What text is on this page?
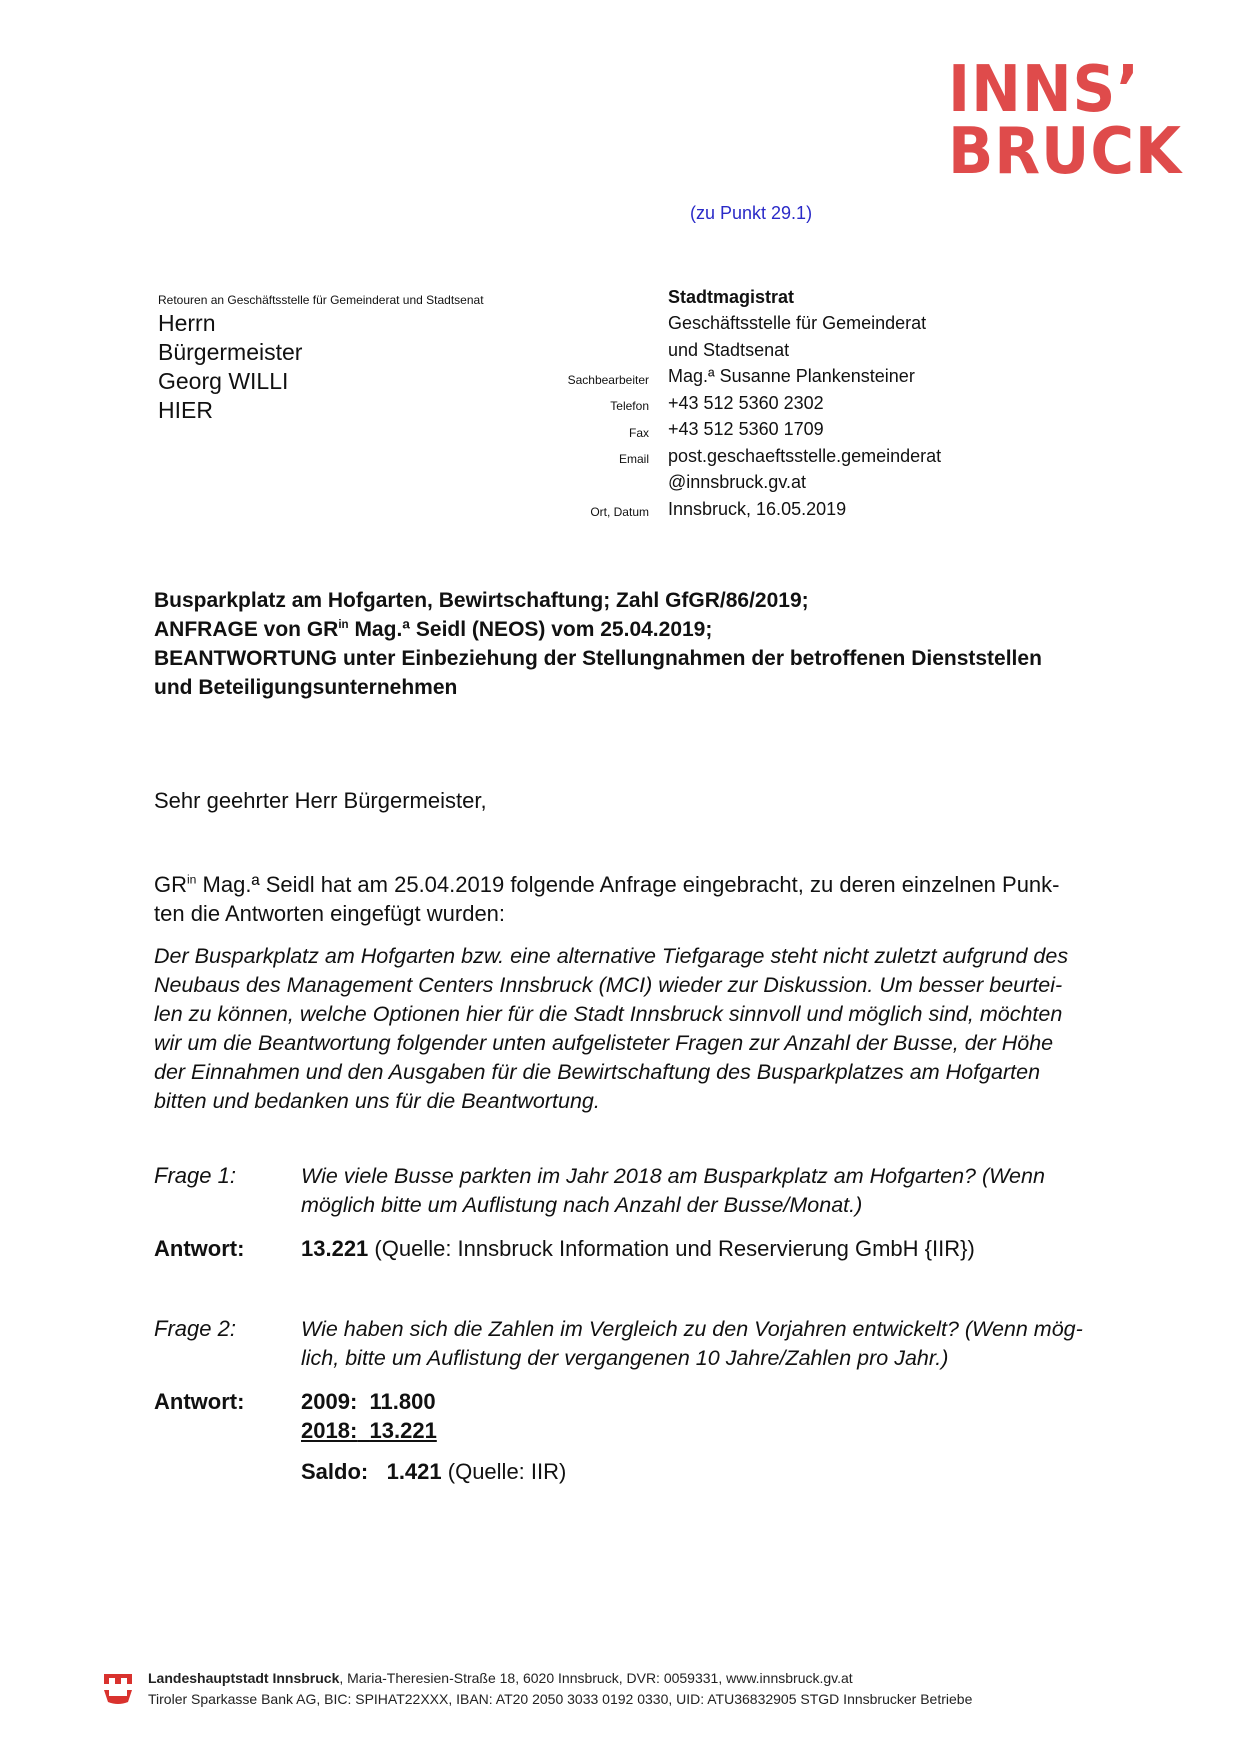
INNS’
BRUCK
(zu Punkt 29.1)
Retouren an Geschäftsstelle für Gemeinderat und Stadtsenat
Herrn
Bürgermeister
Georg WILLI
HIER
	Stadtmagistrat
	Geschäftsstelle für Gemeinderat
	und Stadtsenat
Sachbearbeiter	Mag.ª Susanne Plankensteiner
Telefon	+43 512 5360 2302
Fax	+43 512 5360 1709
Email	post.geschaeftsstelle.gemeinderat
	@innsbruck.gv.at
Ort, Datum	Innsbruck, 16.05.2019
Busparkplatz am Hofgarten, Bewirtschaftung; Zahl GfGR/86/2019;
ANFRAGE von $GR^{in}$ Mag.ª Seidl (NEOS) vom 25.04.2019;
BEANTWORTUNG unter Einbeziehung der Stellungnahmen der betroffenen Dienststellen
und Beteiligungsunternehmen
Sehr geehrter Herr Bürgermeister,
$GR^{in}$ Mag.ª Seidl hat am 25.04.2019 folgende Anfrage eingebracht, zu deren einzelnen Punk-
ten die Antworten eingefügt wurden:
Der Busparkplatz am Hofgarten bzw. eine alternative Tiefgarage steht nicht zuletzt aufgrund des
Neubaus des Management Centers Innsbruck (MCI) wieder zur Diskussion. Um besser beurtei-
len zu können, welche Optionen hier für die Stadt Innsbruck sinnvoll und möglich sind, möchten
wir um die Beantwortung folgender unten aufgelisteter Fragen zur Anzahl der Busse, der Höhe
der Einnahmen und den Ausgaben für die Bewirtschaftung des Busparkplatzes am Hofgarten
bitten und bedanken uns für die Beantwortung.
Frage 1:	Wie viele Busse parkten im Jahr 2018 am Busparkplatz am Hofgarten? (Wenn
möglich bitte um Auflistung nach Anzahl der Busse/Monat.)
Antwort:	13.221 (Quelle: Innsbruck Information und Reservierung GmbH {IIR})
Frage 2:	Wie haben sich die Zahlen im Vergleich zu den Vorjahren entwickelt? (Wenn mög-
lich, bitte um Auflistung der vergangenen 10 Jahre/Zahlen pro Jahr.)
Antwort:	2009: 11.800
2018: 13.221
Saldo: 1.421 (Quelle: IIR)
Landeshauptstadt Innsbruck, Maria-Theresien-Straße 18, 6020 Innsbruck, DVR: 0059331, www.innsbruck.gv.at
Tiroler Sparkasse Bank AG, BIC: SPIHAT22XXX, IBAN: AT20 2050 3033 0192 0330, UID: ATU36832905 STGD Innsbrucker Betriebe
